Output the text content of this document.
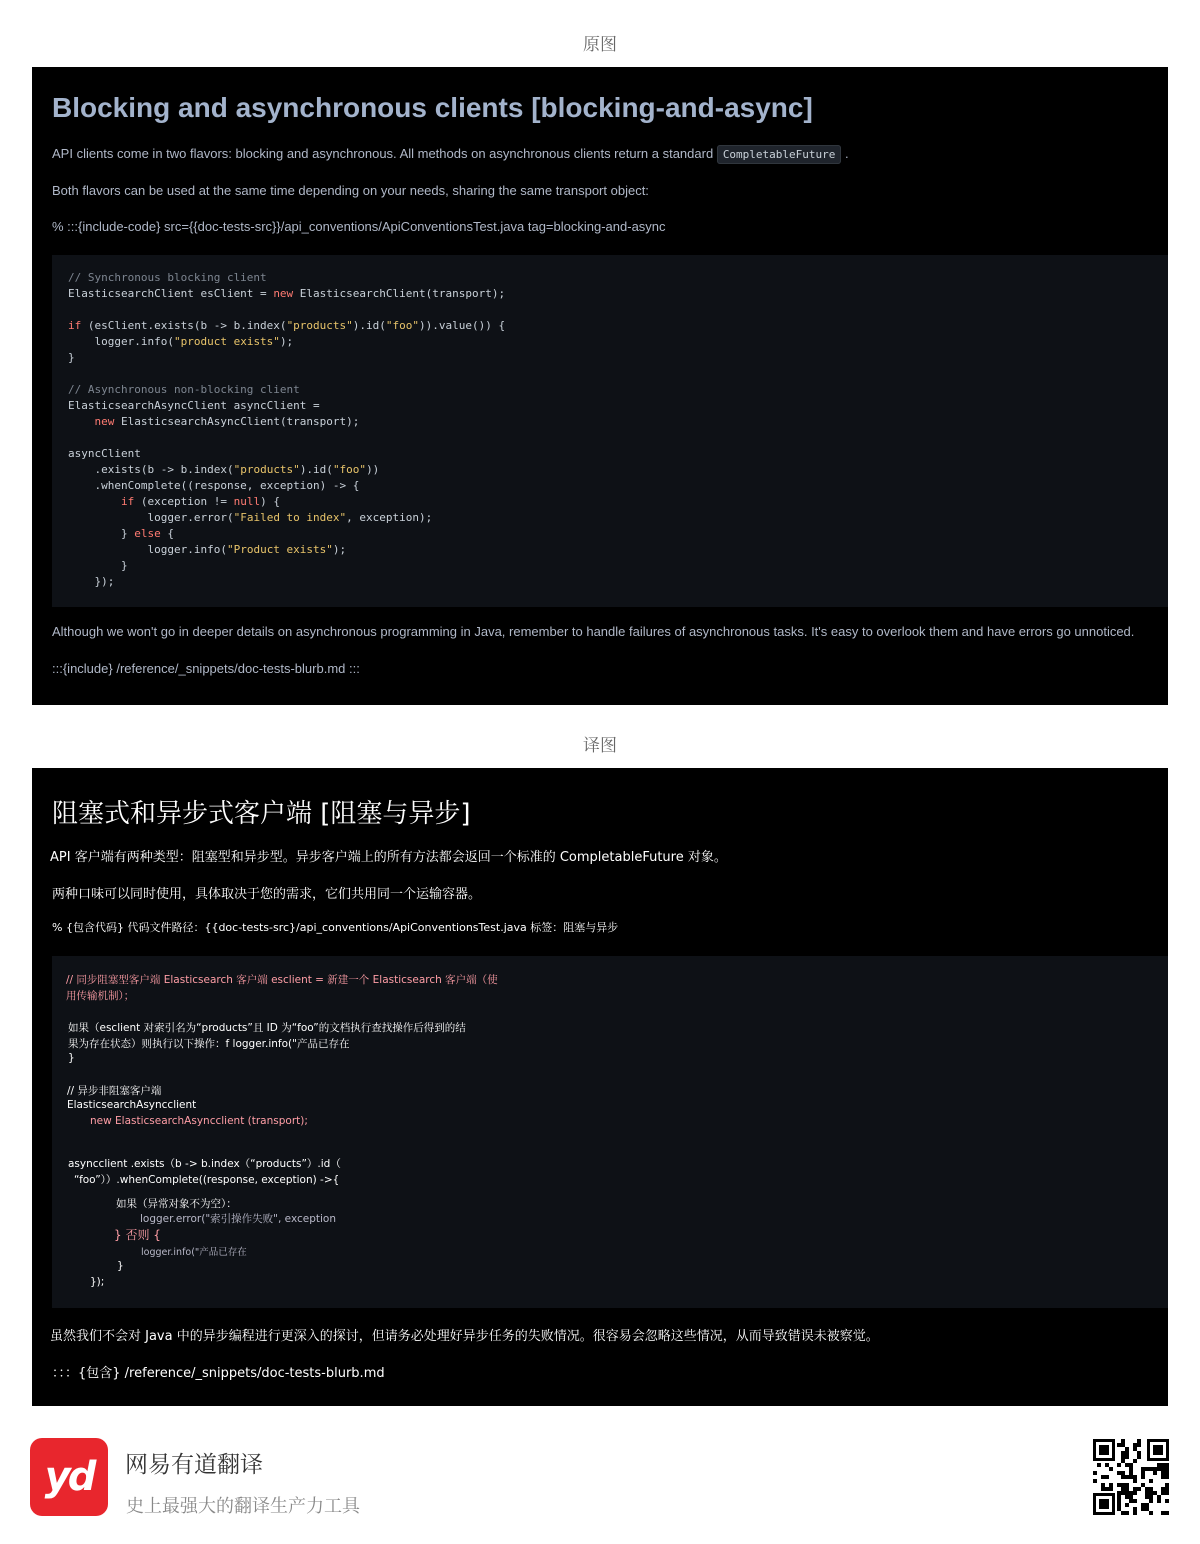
原图
Blocking and asynchronous clients [blocking-and-async]

API clients come in two flavors: blocking and asynchronous. All methods on asynchronous clients return a standard CompletableFuture .

Both flavors can be used at the same time depending on your needs, sharing the same transport object:

% :::{include-code} src={{doc-tests-src}}/api_conventions/ApiConventionsTest.java tag=blocking-and-async

// Synchronous blocking client
ElasticsearchClient esClient = new ElasticsearchClient(transport);
if (esClient.exists(b -> b.index("products").id("foo")).value()) {
logger.info("product exists");
}
// Asynchronous non-blocking client
ElasticsearchAsyncClient asyncClient =
new ElasticsearchAsyncClient(transport);
asyncClient
.exists(b -> b.index("products").id("foo"))
.whenComplete((response, exception) -> {
if (exception != null) {
logger.error("Failed to index", exception);
} else {
logger.info("Product exists");
}
});

Although we won't go in deeper details on asynchronous programming in Java, remember to handle failures of asynchronous tasks. It's easy to overlook them and have errors go unnoticed.

:::{include} /reference/_snippets/doc-tests-blurb.md :::

译图
阻塞式和异步式客户端 [阻塞与异步]

API 客户端有两种类型：阻塞型和异步型。异步客户端上的所有方法都会返回一个标准的 CompletableFuture 对象。

两种口味可以同时使用，具体取决于您的需求，它们共用同一个运输容器。

% {包含代码} 代码文件路径：{{doc-tests-src}/api_conventions/ApiConventionsTest.java 标签：阻塞与异步

// 同步阻塞型客户端 Elasticsearch 客户端 esclient = 新建一个 Elasticsearch 客户端（使
用传输机制）；
如果（esclient 对索引名为“products”且 ID 为“foo”的文档执行查找操作后得到的结
果为存在状态）则执行以下操作：f logger.info("产品已存在
}
// 异步非阻塞客户端
ElasticsearchAsyncclient
new ElasticsearchAsyncclient (transport);
asyncclient .exists（b -> b.index（“products”）.id（
“foo”））.whenComplete((response, exception) ->{
如果（异常对象不为空）：
logger.error("索引操作失败", exception
} 否则 {
logger.info("产品已存在
}
});

虽然我们不会对 Java 中的异步编程进行更深入的探讨，但请务必处理好异步任务的失败情况。很容易会忽略这些情况，从而导致错误未被察觉。

：：：{包含} /reference/_snippets/doc-tests-blurb.md

yd 网易有道翻译
史上最强大的翻译生产力工具
